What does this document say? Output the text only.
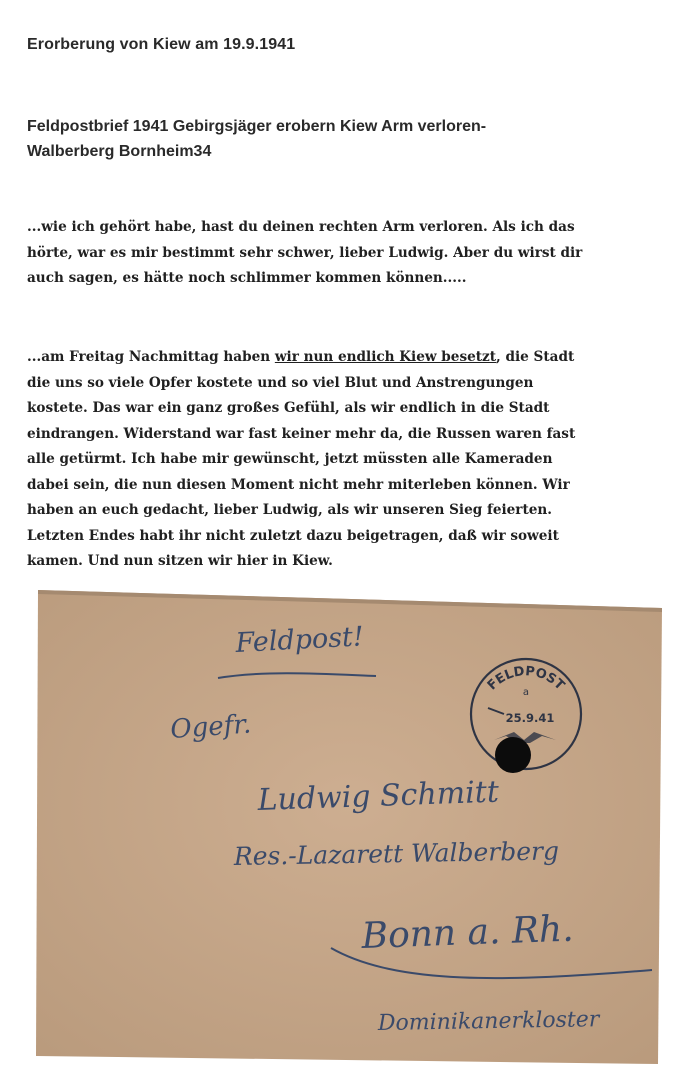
Erorberung von Kiew am 19.9.1941
Feldpostbrief 1941 Gebirgsjäger erobern Kiew Arm verloren-
Walberberg Bornheim34
...wie ich gehört habe, hast du deinen rechten Arm verloren. Als ich das
hörte, war es mir bestimmt sehr schwer, lieber Ludwig. Aber du wirst dir
auch sagen, es hätte noch schlimmer kommen können.....
...am Freitag Nachmittag haben wir nun endlich Kiew besetzt, die Stadt
die uns so viele Opfer kostete und so viel Blut und Anstrengungen
kostete. Das war ein ganz großes Gefühl, als wir endlich in die Stadt
eindrangen. Widerstand war fast keiner mehr da, die Russen waren fast
alle getürmt. Ich habe mir gewünscht, jetzt müssten alle Kameraden
dabei sein, die nun diesen Moment nicht mehr miterleben können. Wir
haben an euch gedacht, lieber Ludwig, als wir unseren Sieg feierten.
Letzten Endes habt ihr nicht zuletzt dazu beigetragen, daß wir soweit
kamen. Und nun sitzen wir hier in Kiew.
Feldpost!
Ogefr.
FELDPOST
a
25.9.41
Ludwig Schmitt
Res.-Lazarett Walberberg
Bonn a. Rh.
Dominikanerkloster
